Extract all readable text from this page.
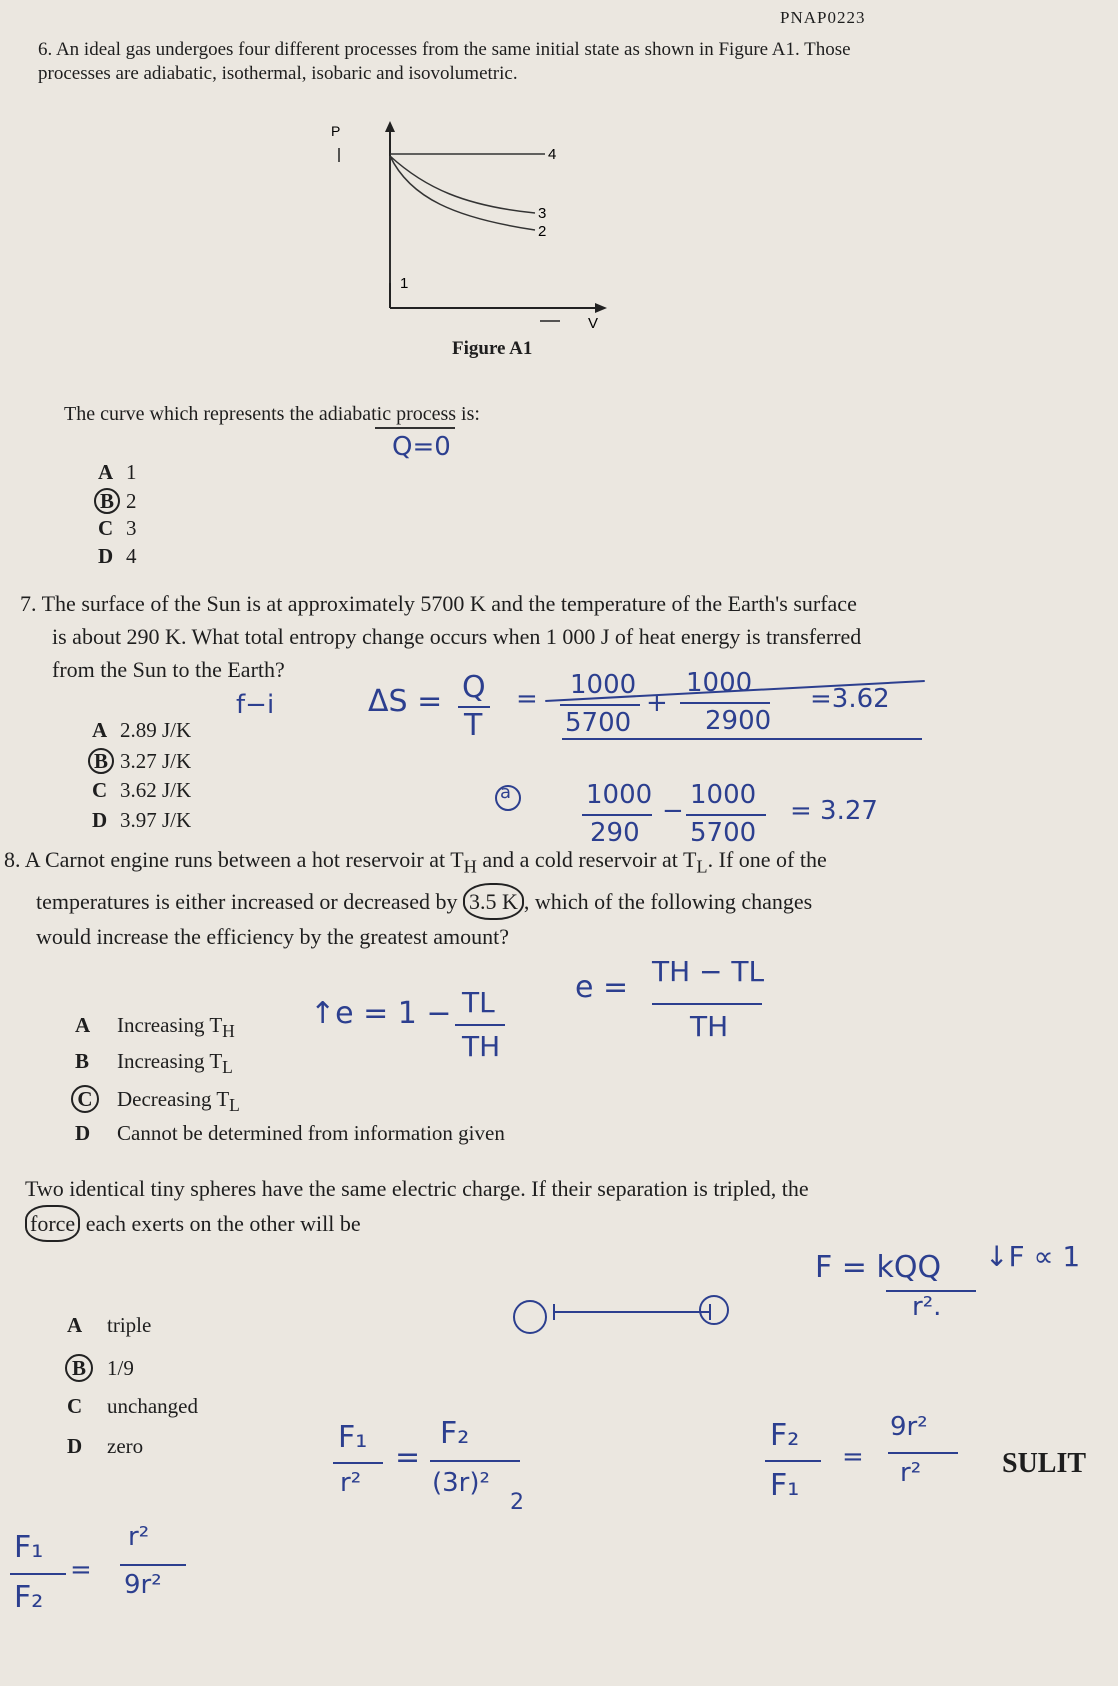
PNAP0223
6. An ideal gas undergoes four different processes from the same initial state as shown in Figure A1. Those processes are adiabatic, isothermal, isobaric and isovolumetric.
P
V
4
3
2
1
Figure A1
The curve which represents the adiabatic process is:
Q=0
A 1
B 2
C 3
D 4
7. The surface of the Sun is at approximately 5700 K and the temperature of the Earth's surface
is about 290 K. What total entropy change occurs when 1 000 J of heat energy is transferred
from the Sun to the Earth?
A 2.89 J/K
B 3.27 J/K
C 3.62 J/K
D 3.97 J/K
f−i	ΔS = Q
T
= 1000
5700
+
1000
2900
=3.62
a	1000
290
−
1000
5700
= 3.27
8. A Carnot engine runs between a hot reservoir at $T_H$ and a cold reservoir at $T_L$. If one of the
temperatures is either increased or decreased by 3.5 K , which of the following changes
would increase the efficiency by the greatest amount?
A Increasing $T_H$
B Increasing $T_L$
C Decreasing $T_L$
D Cannot be determined from information given
↑e = 1 − TL
TH
e = TH − TL
TH
Two identical tiny spheres have the same electric charge. If their separation is tripled, the
force each exerts on the other will be
A triple
B 1/9
C unchanged
D zero
F = kQQ
r².
↓F ∝ 1
F₁
r²
=
F₂
(3r)²
2
F₂
F₁
=
9r²
r²
F₁
F₂
=
r²
9r²
SULIT
